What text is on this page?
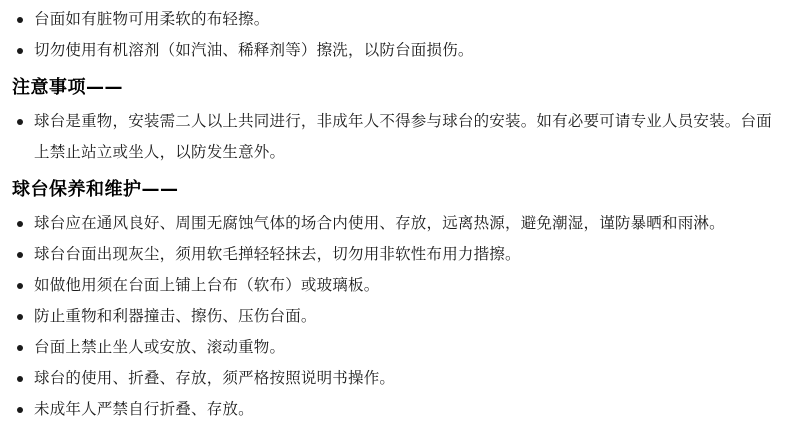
台面如有脏物可用柔软的布轻擦。
切勿使用有机溶剂（如汽油、稀释剂等）擦洗，以防台面损伤。
注意事项——
球台是重物，安装需二人以上共同进行，非成年人不得参与球台的安装。如有必要可请专业人员安装。台面上禁止站立或坐人，以防发生意外。
球台保养和维护——
球台应在通风良好、周围无腐蚀气体的场合内使用、存放，远离热源，避免潮湿，谨防暴晒和雨淋。
球台台面出现灰尘，须用软毛掸轻轻抹去，切勿用非软性布用力揩擦。
如做他用须在台面上铺上台布（软布）或玻璃板。
防止重物和利器撞击、擦伤、压伤台面。
台面上禁止坐人或安放、滚动重物。
球台的使用、折叠、存放，须严格按照说明书操作。
未成年人严禁自行折叠、存放。
